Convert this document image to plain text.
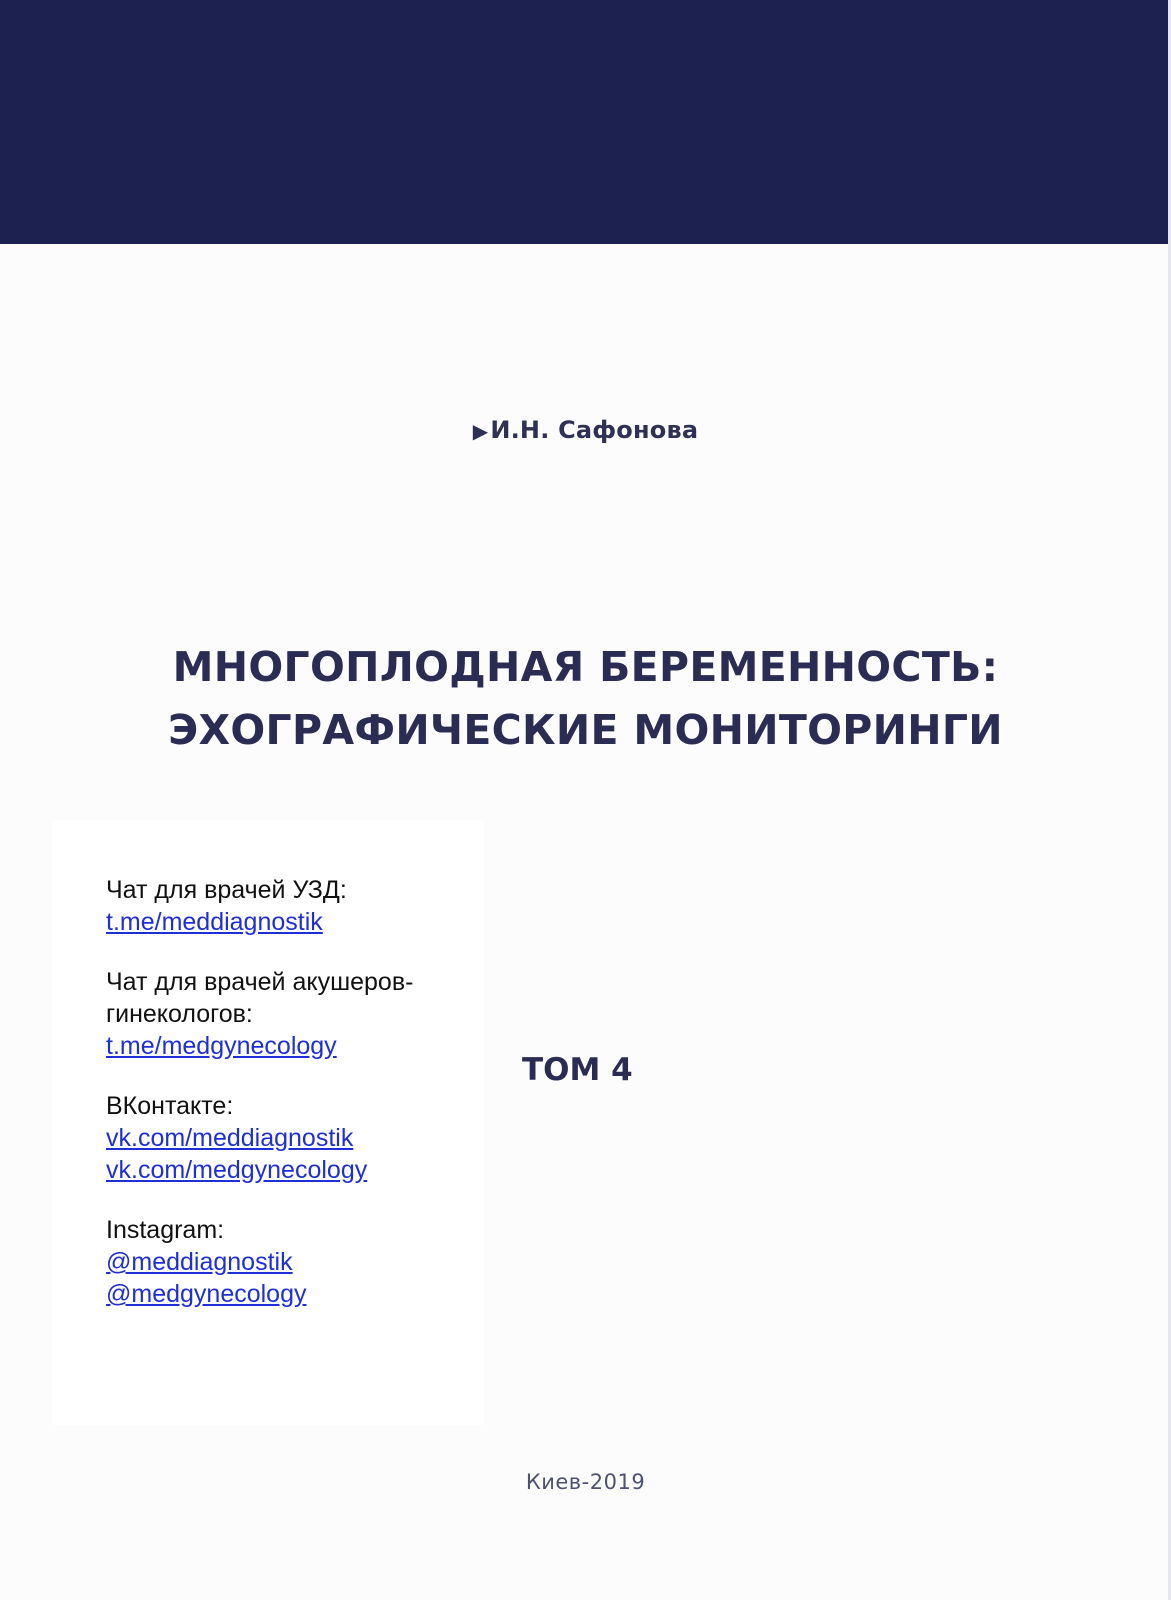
▶И.Н. Сафонова
МНОГОПЛОДНАЯ БЕРЕМЕННОСТЬ:
ЭХОГРАФИЧЕСКИЕ МОНИТОРИНГИ
Чат для врачей УЗД:
t.me/meddiagnostik
Чат для врачей акушеров-гинекологов:
t.me/medgynecology
ВКонтакте:
vk.com/meddiagnostik
vk.com/medgynecology
Instagram:
@meddiagnostik
@medgynecology
ТОМ 4
Киев-2019
